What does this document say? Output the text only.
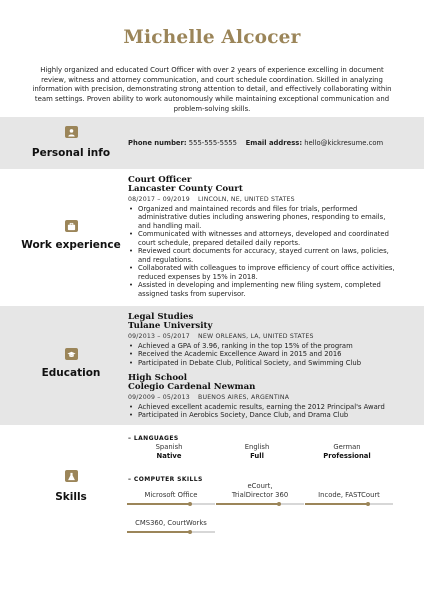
Michelle Alcocer
Highly organized and educated Court Officer with over 2 years of experience excelling in document review, witness and attorney communication, and court schedule coordination. Skilled in analyzing information with precision, demonstrating strong attention to detail, and effectively collaborating within team settings. Proven ability to work autonomously while maintaining exceptional communication and problem-solving skills.
Personal info
Phone number: 555-555-5555 Email address: hello@kickresume.com
Work experience
Court Officer
Lancaster County Court
08/2017 – 09/2019 LINCOLN, NE, UNITED STATES
• Organized and maintained records and files for trials, performed administrative duties including answering phones, responding to emails, and handling mail.
• Communicated with witnesses and attorneys, developed and coordinated court schedule, prepared detailed daily reports.
• Reviewed court documents for accuracy, stayed current on laws, policies, and regulations.
• Collaborated with colleagues to improve efficiency of court office activities, reduced expenses by 15% in 2018.
• Assisted in developing and implementing new filing system, completed assigned tasks from supervisor.
Education
Legal Studies
Tulane University
09/2013 – 05/2017 NEW ORLEANS, LA, UNITED STATES
• Achieved a GPA of 3.96, ranking in the top 15% of the program
• Received the Academic Excellence Award in 2015 and 2016
• Participated in Debate Club, Political Society, and Swimming Club
High School
Colegio Cardenal Newman
09/2009 – 05/2013 BUENOS AIRES, ARGENTINA
• Achieved excellent academic results, earning the 2012 Principal's Award
• Participated in Aerobics Society, Dance Club, and Drama Club
Skills
– LANGUAGES
Spanish
Native
English
Full
German
Professional
– COMPUTER SKILLS
Microsoft Office
eCourt, TrialDirector 360	Incode, FASTCourt
CMS360, CourtWorks
